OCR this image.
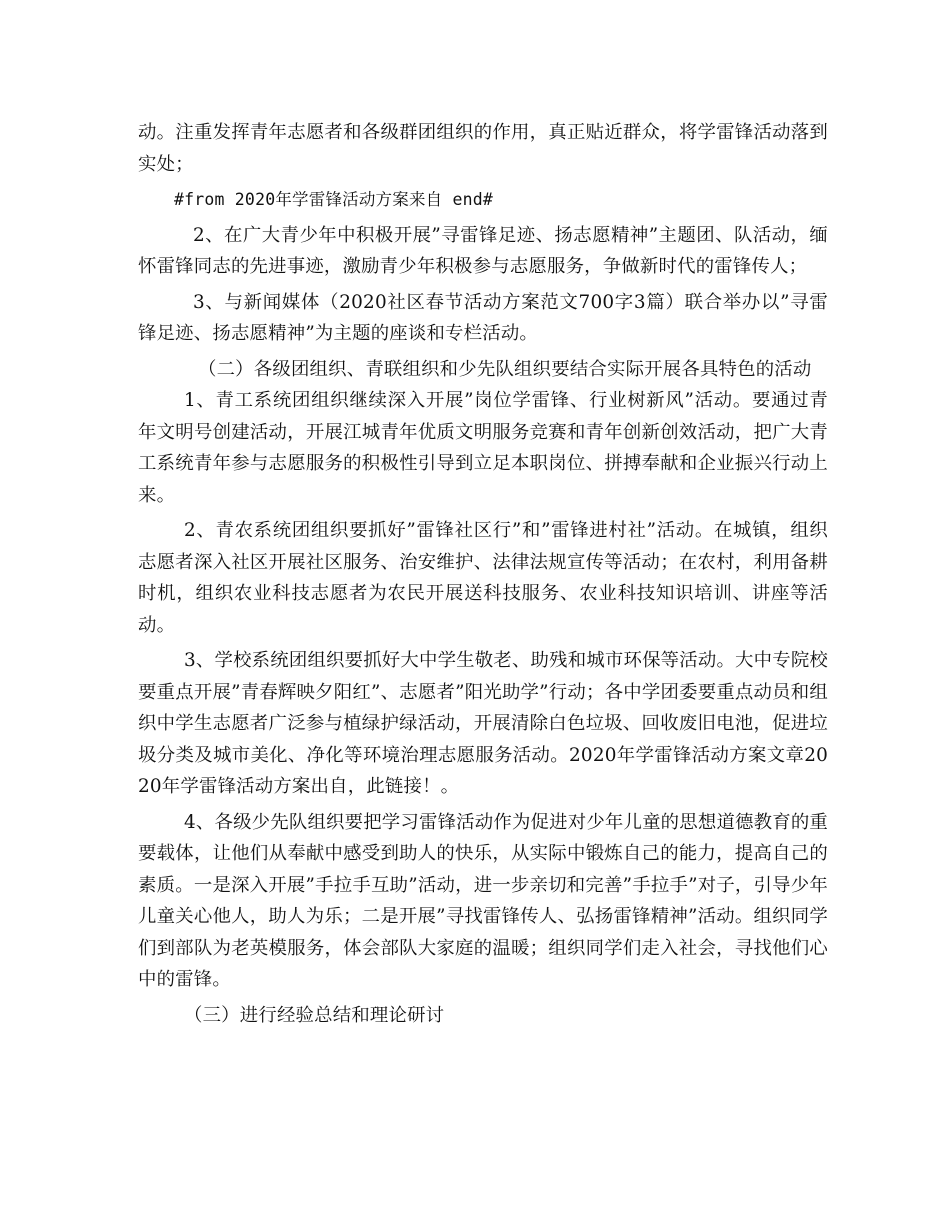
动。注重发挥青年志愿者和各级群团组织的作用，真正贴近群众，将学雷锋活动落到实处；

#from 2020年学雷锋活动方案来自 end#

2、在广大青少年中积极开展”寻雷锋足迹、扬志愿精神”主题团、队活动，缅怀雷锋同志的先进事迹，激励青少年积极参与志愿服务，争做新时代的雷锋传人；

3、与新闻媒体（2020社区春节活动方案范文700字3篇）联合举办以”寻雷锋足迹、扬志愿精神”为主题的座谈和专栏活动。

（二）各级团组织、青联组织和少先队组织要结合实际开展各具特色的活动

1、青工系统团组织继续深入开展”岗位学雷锋、行业树新风”活动。要通过青年文明号创建活动，开展江城青年优质文明服务竞赛和青年创新创效活动，把广大青工系统青年参与志愿服务的积极性引导到立足本职岗位、拼搏奉献和企业振兴行动上来。

2、青农系统团组织要抓好”雷锋社区行”和”雷锋进村社”活动。在城镇，组织志愿者深入社区开展社区服务、治安维护、法律法规宣传等活动；在农村，利用备耕时机，组织农业科技志愿者为农民开展送科技服务、农业科技知识培训、讲座等活动。

3、学校系统团组织要抓好大中学生敬老、助残和城市环保等活动。大中专院校要重点开展”青春辉映夕阳红”、志愿者”阳光助学”行动；各中学团委要重点动员和组织中学生志愿者广泛参与植绿护绿活动，开展清除白色垃圾、回收废旧电池，促进垃圾分类及城市美化、净化等环境治理志愿服务活动。2020年学雷锋活动方案文章2020年学雷锋活动方案出自，此链接！。

4、各级少先队组织要把学习雷锋活动作为促进对少年儿童的思想道德教育的重要载体，让他们从奉献中感受到助人的快乐，从实际中锻炼自己的能力，提高自己的素质。一是深入开展”手拉手互助”活动，进一步亲切和完善”手拉手”对子，引导少年儿童关心他人，助人为乐；二是开展”寻找雷锋传人、弘扬雷锋精神”活动。组织同学们到部队为老英模服务，体会部队大家庭的温暖；组织同学们走入社会，寻找他们心中的雷锋。

（三）进行经验总结和理论研讨
